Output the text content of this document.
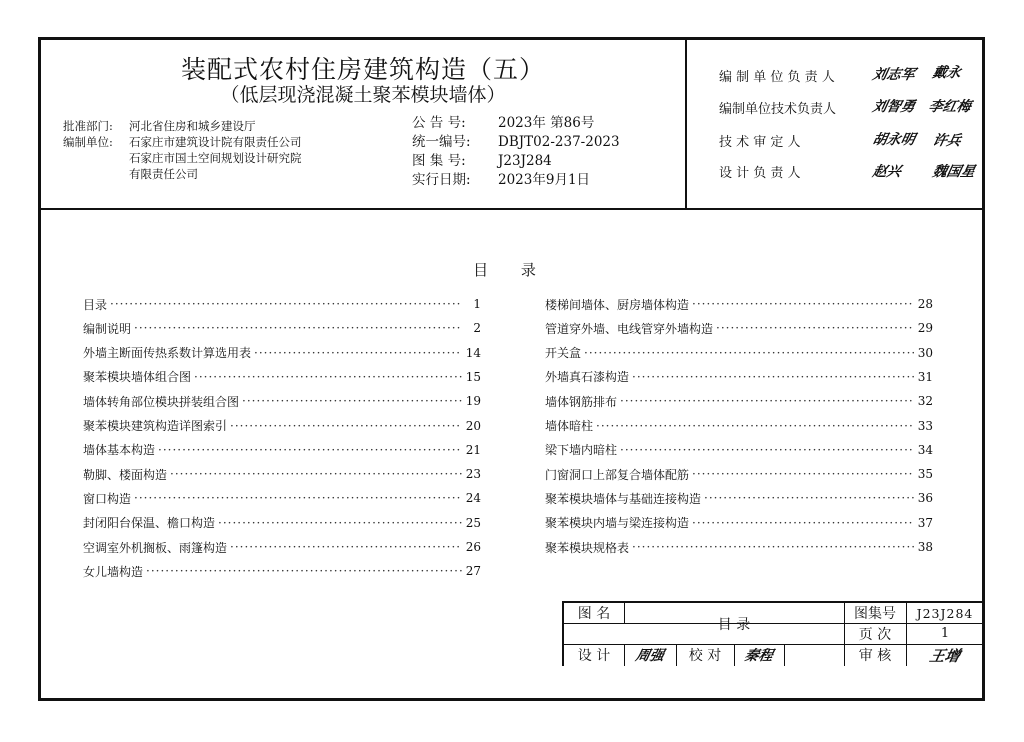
装配式农村住房建筑构造（五）
（低层现浇混凝土聚苯模块墙体）
批准部门:	河北省住房和城乡建设厅
编制单位:	石家庄市建筑设计院有限责任公司
石家庄市国土空间规划设计研究院
有限责任公司
公 告 号:	2023年 第86号
统一编号:	DBJT02-237-2023
图 集 号:	J23J284
实行日期:	2023年9月1日
编 制 单 位 负 责 人	刘志军 戴永
编制单位技术负责人	刘智勇 李红梅
技 术 审 定 人	胡永明 许兵
设 计 负 责 人	赵兴 魏国星
目 录
目录 ·····	1
编制说明 ·····	2
外墙主断面传热系数计算选用表 ·····	14
聚苯模块墙体组合图 ·····	15
墙体转角部位模块拼装组合图 ·····	19
聚苯模块建筑构造详图索引 ·····	20
墙体基本构造 ·····	21
勒脚、楼面构造 ·····	23
窗口构造 ·····	24
封闭阳台保温、檐口构造 ·····	25
空调室外机搁板、雨篷构造 ·····	26
女儿墙构造 ·····	27
楼梯间墙体、厨房墙体构造 ·····	28
管道穿外墙、电线管穿外墙构造 ·····	29
开关盒 ·····	30
外墙真石漆构造 ·····	31
墙体钢筋排布 ·····	32
墙体暗柱 ·····	33
梁下墙内暗柱 ·····	34
门窗洞口上部复合墙体配筋 ·····	35
聚苯模块墙体与基础连接构造 ·····	36
聚苯模块内墙与梁连接构造 ·····	37
聚苯模块规格表 ·····	38
图 名
目 录
图集号	J23J284
页 次	1
设 计	周强	校 对	秦程	审 核	王增
